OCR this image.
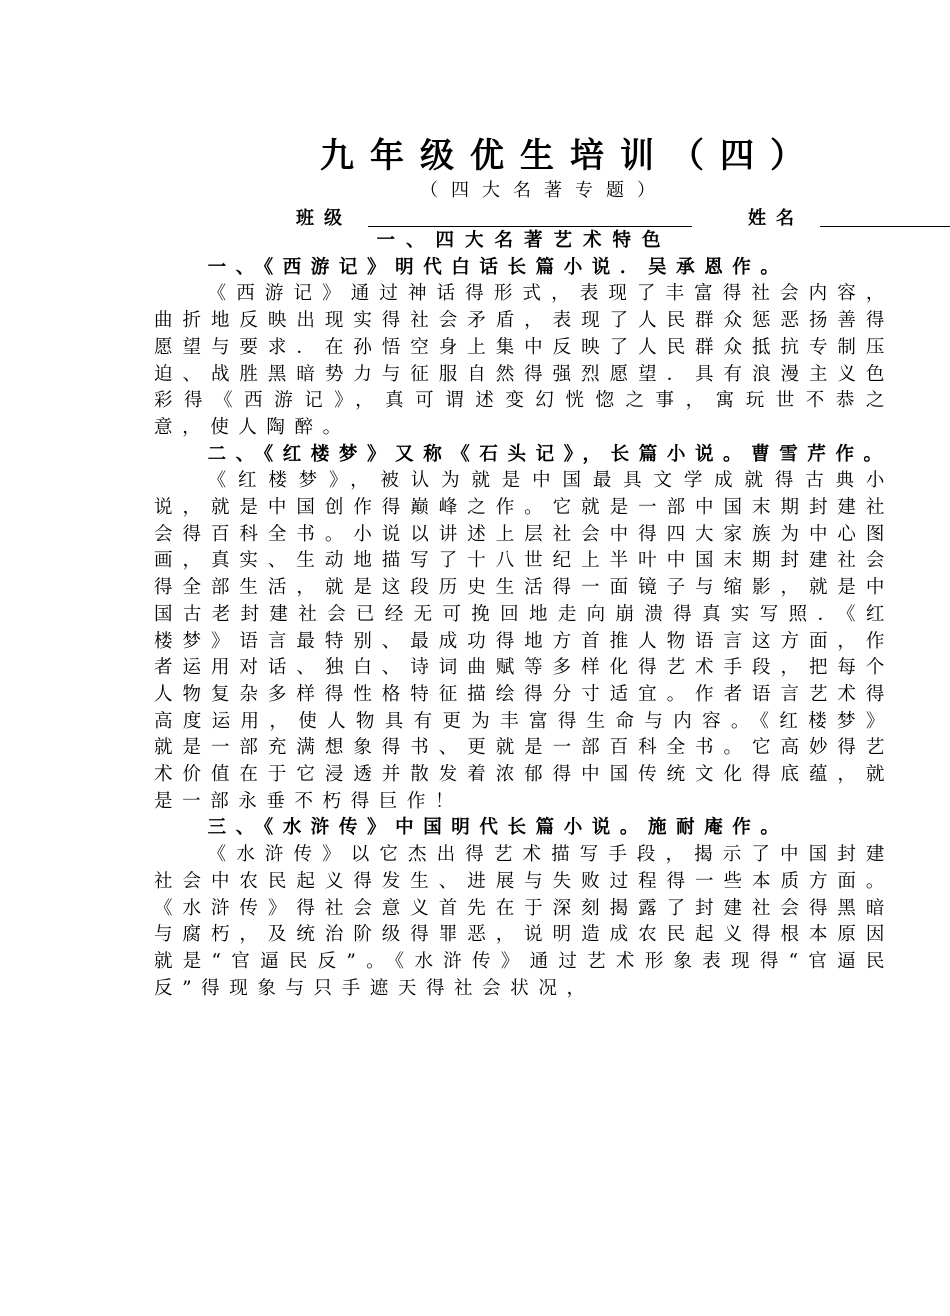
九年级优生培训（四）
（四大名著专题）
班级	姓名

一、四大名著艺术特色

一、《西游记》明代白话长篇小说．吴承恩作。

《西游记》通过神话得形式，表现了丰富得社会内容，曲折地反映出现实得社会矛盾，表现了人民群众惩恶扬善得愿望与要求．在孙悟空身上集中反映了人民群众抵抗专制压迫、战胜黑暗势力与征服自然得强烈愿望．具有浪漫主义色彩得《西游记》，真可谓述变幻恍惚之事，寓玩世不恭之意，使人陶醉。

二、《红楼梦》又称《石头记》，长篇小说。曹雪芹作。

《红楼梦》，被认为就是中国最具文学成就得古典小说，就是中国创作得巅峰之作。它就是一部中国末期封建社会得百科全书。小说以讲述上层社会中得四大家族为中心图画，真实、生动地描写了十八世纪上半叶中国末期封建社会得全部生活，就是这段历史生活得一面镜子与缩影，就是中国古老封建社会已经无可挽回地走向崩溃得真实写照．《红楼梦》语言最特别、最成功得地方首推人物语言这方面，作者运用对话、独白、诗词曲赋等多样化得艺术手段，把每个人物复杂多样得性格特征描绘得分寸适宜。作者语言艺术得高度运用，使人物具有更为丰富得生命与内容。《红楼梦》就是一部充满想象得书、更就是一部百科全书。它高妙得艺术价值在于它浸透并散发着浓郁得中国传统文化得底蕴，就是一部永垂不朽得巨作！

三、《水浒传》中国明代长篇小说。施耐庵作。

《水浒传》以它杰出得艺术描写手段，揭示了中国封建社会中农民起义得发生、进展与失败过程得一些本质方面。《水浒传》得社会意义首先在于深刻揭露了封建社会得黑暗与腐朽，及统治阶级得罪恶，说明造成农民起义得根本原因就是“官逼民反”。《水浒传》通过艺术形象表现得“官逼民反”得现象与只手遮天得社会状况，
